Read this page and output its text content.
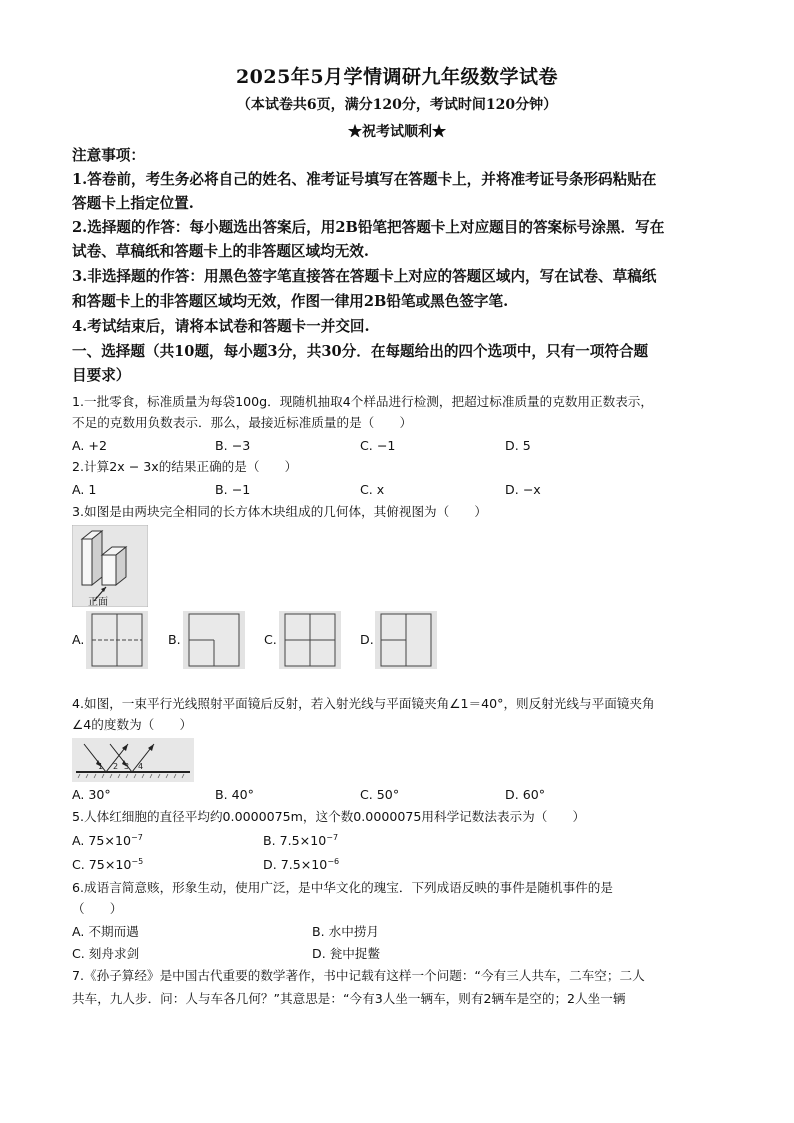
2025年5月学情调研九年级数学试卷
（本试卷共6页，满分120分，考试时间120分钟）
★祝考试顺利★
注意事项：
1.答卷前，考生务必将自己的姓名、准考证号填写在答题卡上，并将准考证号条形码粘贴在
答题卡上指定位置.
2.选择题的作答：每小题选出答案后，用2B铅笔把答题卡上对应题目的答案标号涂黑．写在
试卷、草稿纸和答题卡上的非答题区域均无效.
3.非选择题的作答：用黑色签字笔直接答在答题卡上对应的答题区域内，写在试卷、草稿纸
和答题卡上的非答题区域均无效，作图一律用2B铅笔或黑色签字笔.
4.考试结束后，请将本试卷和答题卡一并交回.
一、选择题（共10题，每小题3分，共30分．在每题给出的四个选项中，只有一项符合题
目要求）
1.一批零食，标准质量为每袋100g．现随机抽取4个样品进行检测，把超过标准质量的克数用正数表示，
不足的克数用负数表示．那么，最接近标准质量的是（　　）
A. +2	B. −3	C. −1	D. 5
2.计算2x − 3x的结果正确的是（　　）
A. 1	B. −1	C. x	D. −x
3.如图是由两块完全相同的长方体木块组成的几何体，其俯视图为（　　）
正面
A.	B.	C.	D.
4.如图，一束平行光线照射平面镜后反射，若入射光线与平面镜夹角∠1＝40°，则反射光线与平面镜夹角
∠4的度数为（　　）
1 2 3 4
A. 30°	B. 40°	C. 50°	D. 60°
5.人体红细胞的直径平均约0.0000075m，这个数0.0000075用科学记数法表示为（　　）
A. $75\times 10^{-7}$	B. $7.5\times 10^{-7}$
C. $75\times 10^{-5}$	D. $7.5\times 10^{-6}$
6.成语言简意赅，形象生动，使用广泛，是中华文化的瑰宝．下列成语反映的事件是随机事件的是
（　　）
A. 不期而遇	B. 水中捞月
C. 刻舟求剑	D. 瓮中捉鳖
7.《孙子算经》是中国古代重要的数学著作，书中记载有这样一个问题：“今有三人共车，二车空；二人
共车，九人步．问：人与车各几何？”其意思是：“今有3人坐一辆车，则有2辆车是空的；2人坐一辆
